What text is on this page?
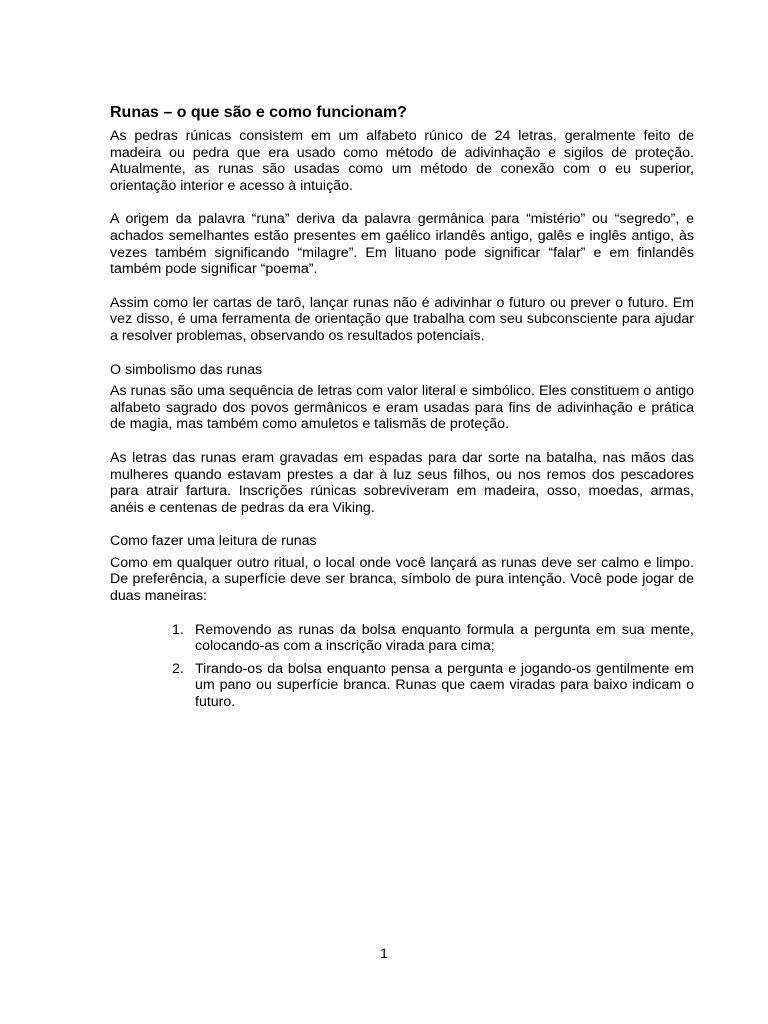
Runas – o que são e como funcionam?

As pedras rúnicas consistem em um alfabeto rúnico de 24 letras, geralmente feito de madeira ou pedra que era usado como método de adivinhação e sigilos de proteção. Atualmente, as runas são usadas como um método de conexão com o eu superior, orientação interior e acesso à intuição.

A origem da palavra “runa” deriva da palavra germânica para “mistério” ou “segredo”, e achados semelhantes estão presentes em gaélico irlandês antigo, galês e inglês antigo, às vezes também significando “milagre”. Em lituano pode significar “falar” e em finlandês também pode significar “poema”.

Assim como ler cartas de tarô, lançar runas não é adivinhar o futuro ou prever o futuro. Em vez disso, é uma ferramenta de orientação que trabalha com seu subconsciente para ajudar a resolver problemas, observando os resultados potenciais.

O simbolismo das runas

As runas são uma sequência de letras com valor literal e simbólico. Eles constituem o antigo alfabeto sagrado dos povos germânicos e eram usadas para fins de adivinhação e prática de magia, mas também como amuletos e talismãs de proteção.

As letras das runas eram gravadas em espadas para dar sorte na batalha, nas mãos das mulheres quando estavam prestes a dar à luz seus filhos, ou nos remos dos pescadores para atrair fartura. Inscrições rúnicas sobreviveram em madeira, osso, moedas, armas, anéis e centenas de pedras da era Viking.

Como fazer uma leitura de runas

Como em qualquer outro ritual, o local onde você lançará as runas deve ser calmo e limpo. De preferência, a superfície deve ser branca, símbolo de pura intenção. Você pode jogar de duas maneiras:

1. Removendo as runas da bolsa enquanto formula a pergunta em sua mente, colocando-as com a inscrição virada para cima;
2. Tirando-os da bolsa enquanto pensa a pergunta e jogando-os gentilmente em um pano ou superfície branca. Runas que caem viradas para baixo indicam o futuro.
1
